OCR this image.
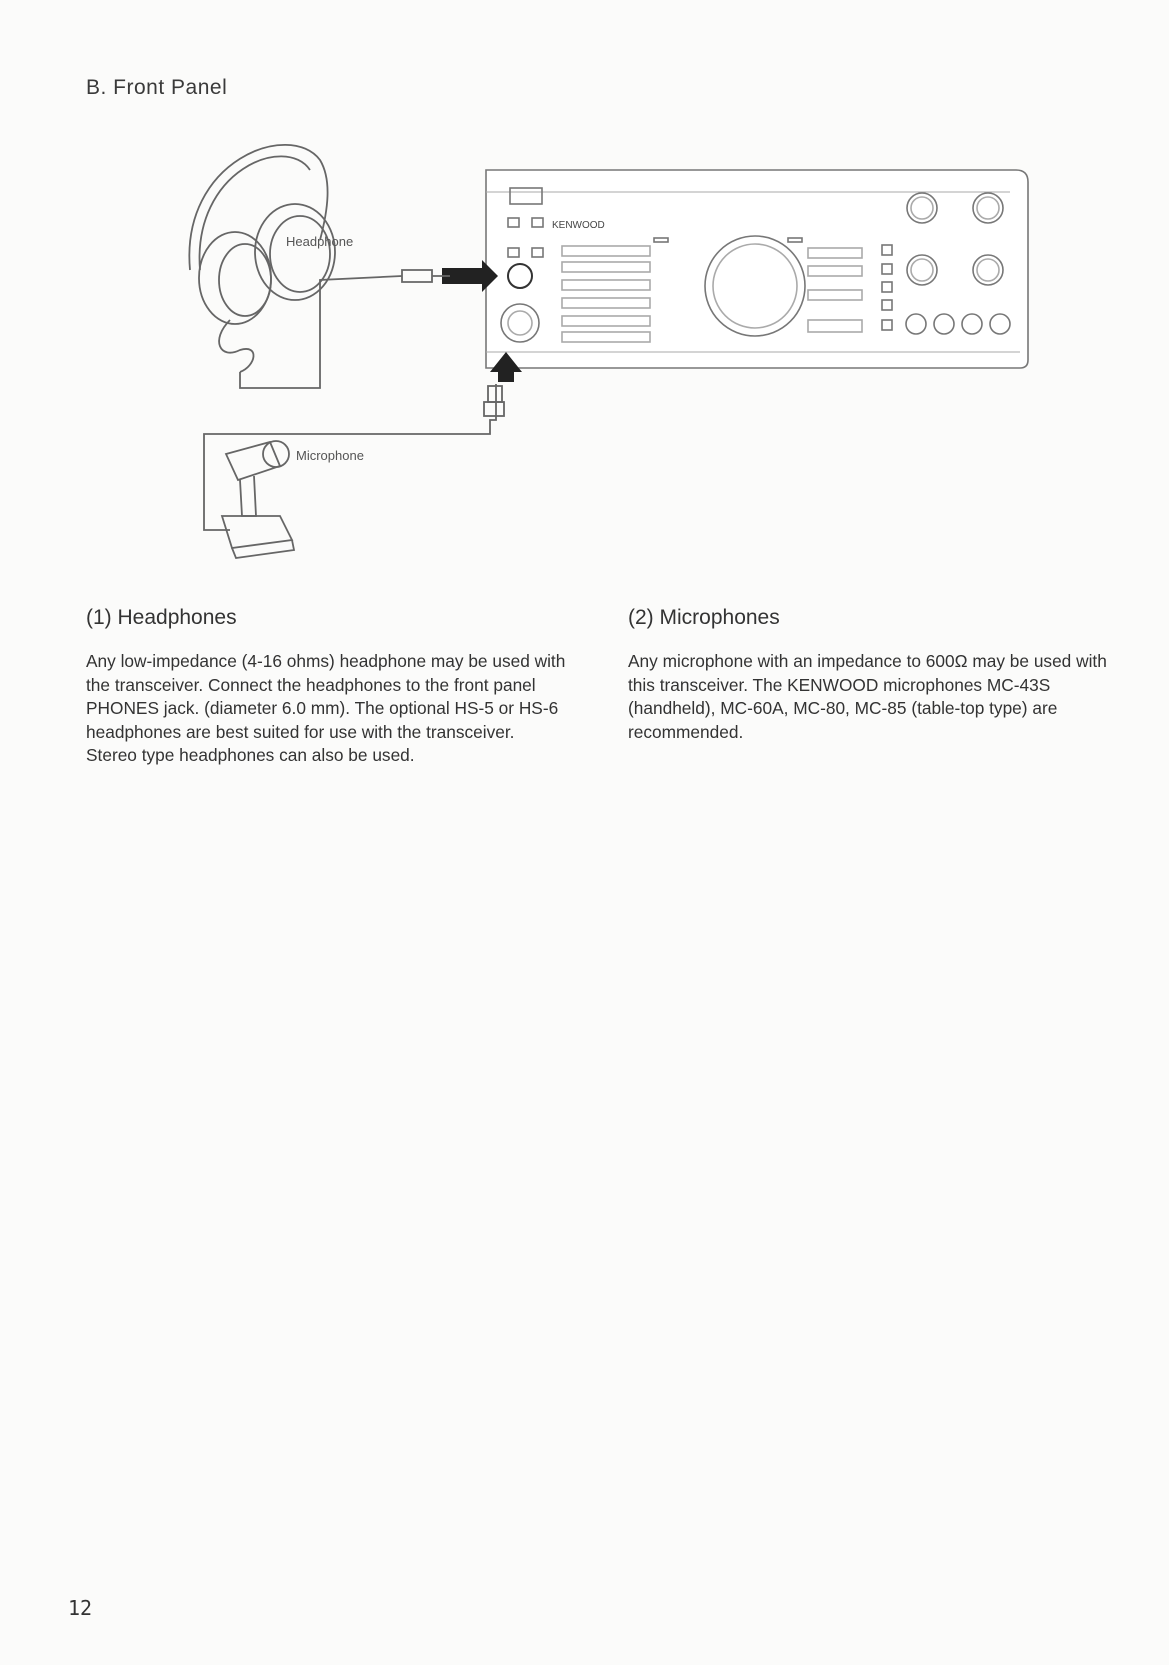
B. Front Panel
KENWOOD
Headphone
Microphone
(1) Headphones

Any low-impedance (4-16 ohms) headphone may be used with the transceiver. Connect the headphones to the front panel PHONES jack. (diameter 6.0 mm). The optional HS-5 or HS-6 headphones are best suited for use with the transceiver. Stereo type headphones can also be used.

(2) Microphones

Any microphone with an impedance to 600Ω may be used with this transceiver. The KENWOOD microphones MC-43S (handheld), MC-60A, MC-80, MC-85 (table-top type) are recommended.

12
